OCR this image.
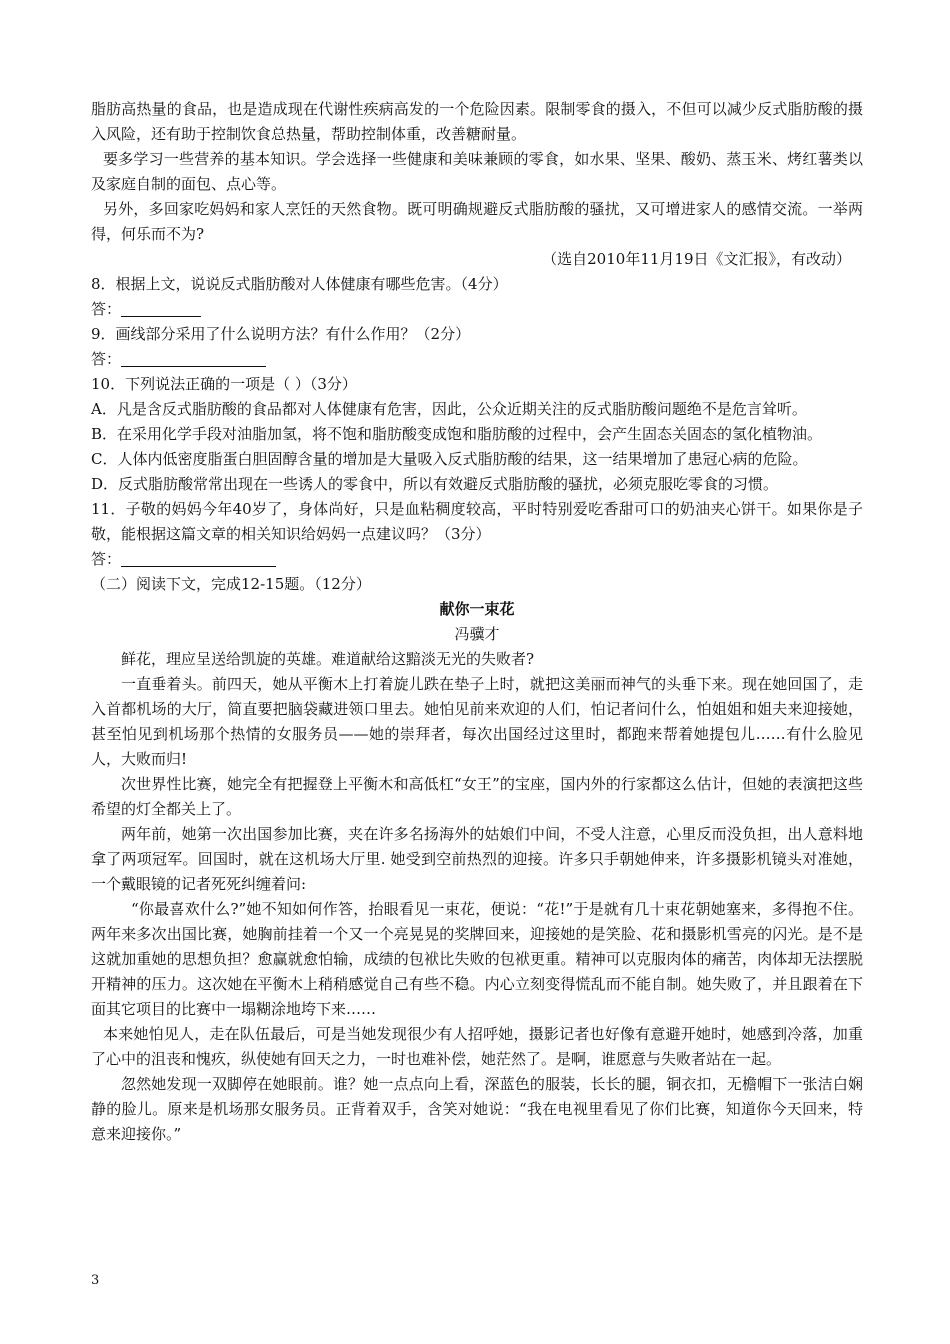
脂肪高热量的食品，也是造成现在代谢性疾病高发的一个危险因素。限制零食的摄入，不但可以减少反式脂肪酸的摄入风险，还有助于控制饮食总热量，帮助控制体重，改善糖耐量。

要多学习一些营养的基本知识。学会选择一些健康和美味兼顾的零食，如水果、坚果、酸奶、蒸玉米、烤红薯类以及家庭自制的面包、点心等。

另外，多回家吃妈妈和家人烹饪的天然食物。既可明确规避反式脂肪酸的骚扰，又可增进家人的感情交流。一举两得，何乐而不为?

（选自2010年11月19日《文汇报》，有改动）

8．根据上文，说说反式脂肪酸对人体健康有哪些危害。（4分）

答：

9．画线部分采用了什么说明方法？有什么作用？（2分）

答：

10．下列说法正确的一项是（ ）（3分）

A．凡是含反式脂肪酸的食品都对人体健康有危害，因此，公众近期关注的反式脂肪酸问题绝不是危言耸听。

B．在采用化学手段对油脂加氢，将不饱和脂肪酸变成饱和脂肪酸的过程中，会产生固态关固态的氢化植物油。

C．人体内低密度脂蛋白胆固醇含量的增加是大量吸入反式脂肪酸的结果，这一结果增加了患冠心病的危险。

D．反式脂肪酸常常出现在一些诱人的零食中，所以有效避反式脂肪酸的骚扰，必须克服吃零食的习惯。

11．子敬的妈妈今年40岁了，身体尚好，只是血粘稠度较高，平时特别爱吃香甜可口的奶油夹心饼干。如果你是子敬，能根据这篇文章的相关知识给妈妈一点建议吗？（3分）

答：

（二）阅读下文，完成12-15题。（12分）

献你一束花

冯骥才

鲜花，理应呈送给凯旋的英雄。难道献给这黯淡无光的失败者?

一直垂着头。前四天，她从平衡木上打着旋儿跌在垫子上时，就把这美丽而神气的头垂下来。现在她回国了，走入首都机场的大厅，简直要把脑袋藏进领口里去。她怕见前来欢迎的人们，怕记者问什么，怕姐姐和姐夫来迎接她，甚至怕见到机场那个热情的女服务员——她的崇拜者，每次出国经过这里时，都跑来帮着她提包儿……有什么脸见人，大败而归!

次世界性比赛，她完全有把握登上平衡木和高低杠“女王”的宝座，国内外的行家都这么估计，但她的表演把这些希望的灯全都关上了。

两年前，她第一次出国参加比赛，夹在许多名扬海外的姑娘们中间，不受人注意，心里反而没负担，出人意料地拿了两项冠军。回国时，就在这机场大厅里. 她受到空前热烈的迎接。许多只手朝她伸来，许多摄影机镜头对准她，一个戴眼镜的记者死死纠缠着问:

“你最喜欢什么?”她不知如何作答，抬眼看见一束花，便说：“花!”于是就有几十束花朝她塞来，多得抱不住。两年来多次出国比赛，她胸前挂着一个又一个亮晃晃的奖牌回来，迎接她的是笑脸、花和摄影机雪亮的闪光。是不是这就加重她的思想负担？愈赢就愈怕输，成绩的包袱比失败的包袱更重。精神可以克服肉体的痛苦，肉体却无法摆脱开精神的压力。这次她在平衡木上稍稍感觉自己有些不稳。内心立刻变得慌乱而不能自制。她失败了，并且跟着在下面其它项目的比赛中一塌糊涂地垮下来……

本来她怕见人，走在队伍最后，可是当她发现很少有人招呼她，摄影记者也好像有意避开她时，她感到冷落，加重了心中的沮丧和愧疚，纵使她有回天之力，一时也难补偿，她茫然了。是啊，谁愿意与失败者站在一起。

忽然她发现一双脚停在她眼前。谁？她一点点向上看，深蓝色的服装，长长的腿，铜衣扣，无檐帽下一张洁白娴静的脸儿。原来是机场那女服务员。正背着双手，含笑对她说：“我在电视里看见了你们比赛，知道你今天回来，特意来迎接你。”

3
